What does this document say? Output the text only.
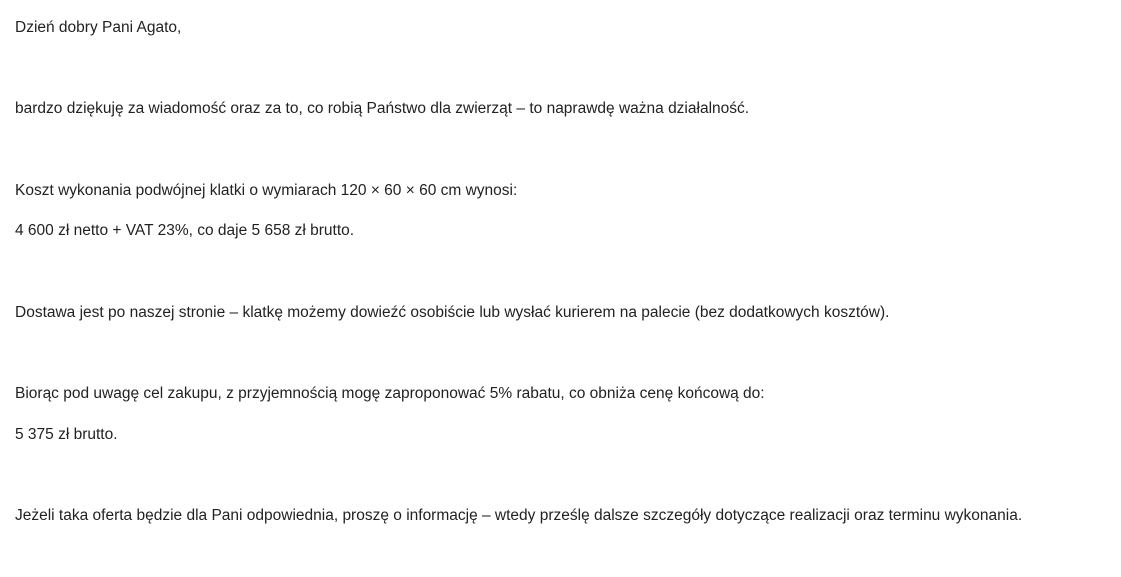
Dzień dobry Pani Agato,
bardzo dziękuję za wiadomość oraz za to, co robią Państwo dla zwierząt – to naprawdę ważna działalność.
Koszt wykonania podwójnej klatki o wymiarach 120 × 60 × 60 cm wynosi:
4 600 zł netto + VAT 23%, co daje 5 658 zł brutto.
Dostawa jest po naszej stronie – klatkę możemy dowieźć osobiście lub wysłać kurierem na palecie (bez dodatkowych kosztów).
Biorąc pod uwagę cel zakupu, z przyjemnością mogę zaproponować 5% rabatu, co obniża cenę końcową do:
5 375 zł brutto.
Jeżeli taka oferta będzie dla Pani odpowiednia, proszę o informację – wtedy prześlę dalsze szczegóły dotyczące realizacji oraz terminu wykonania.
